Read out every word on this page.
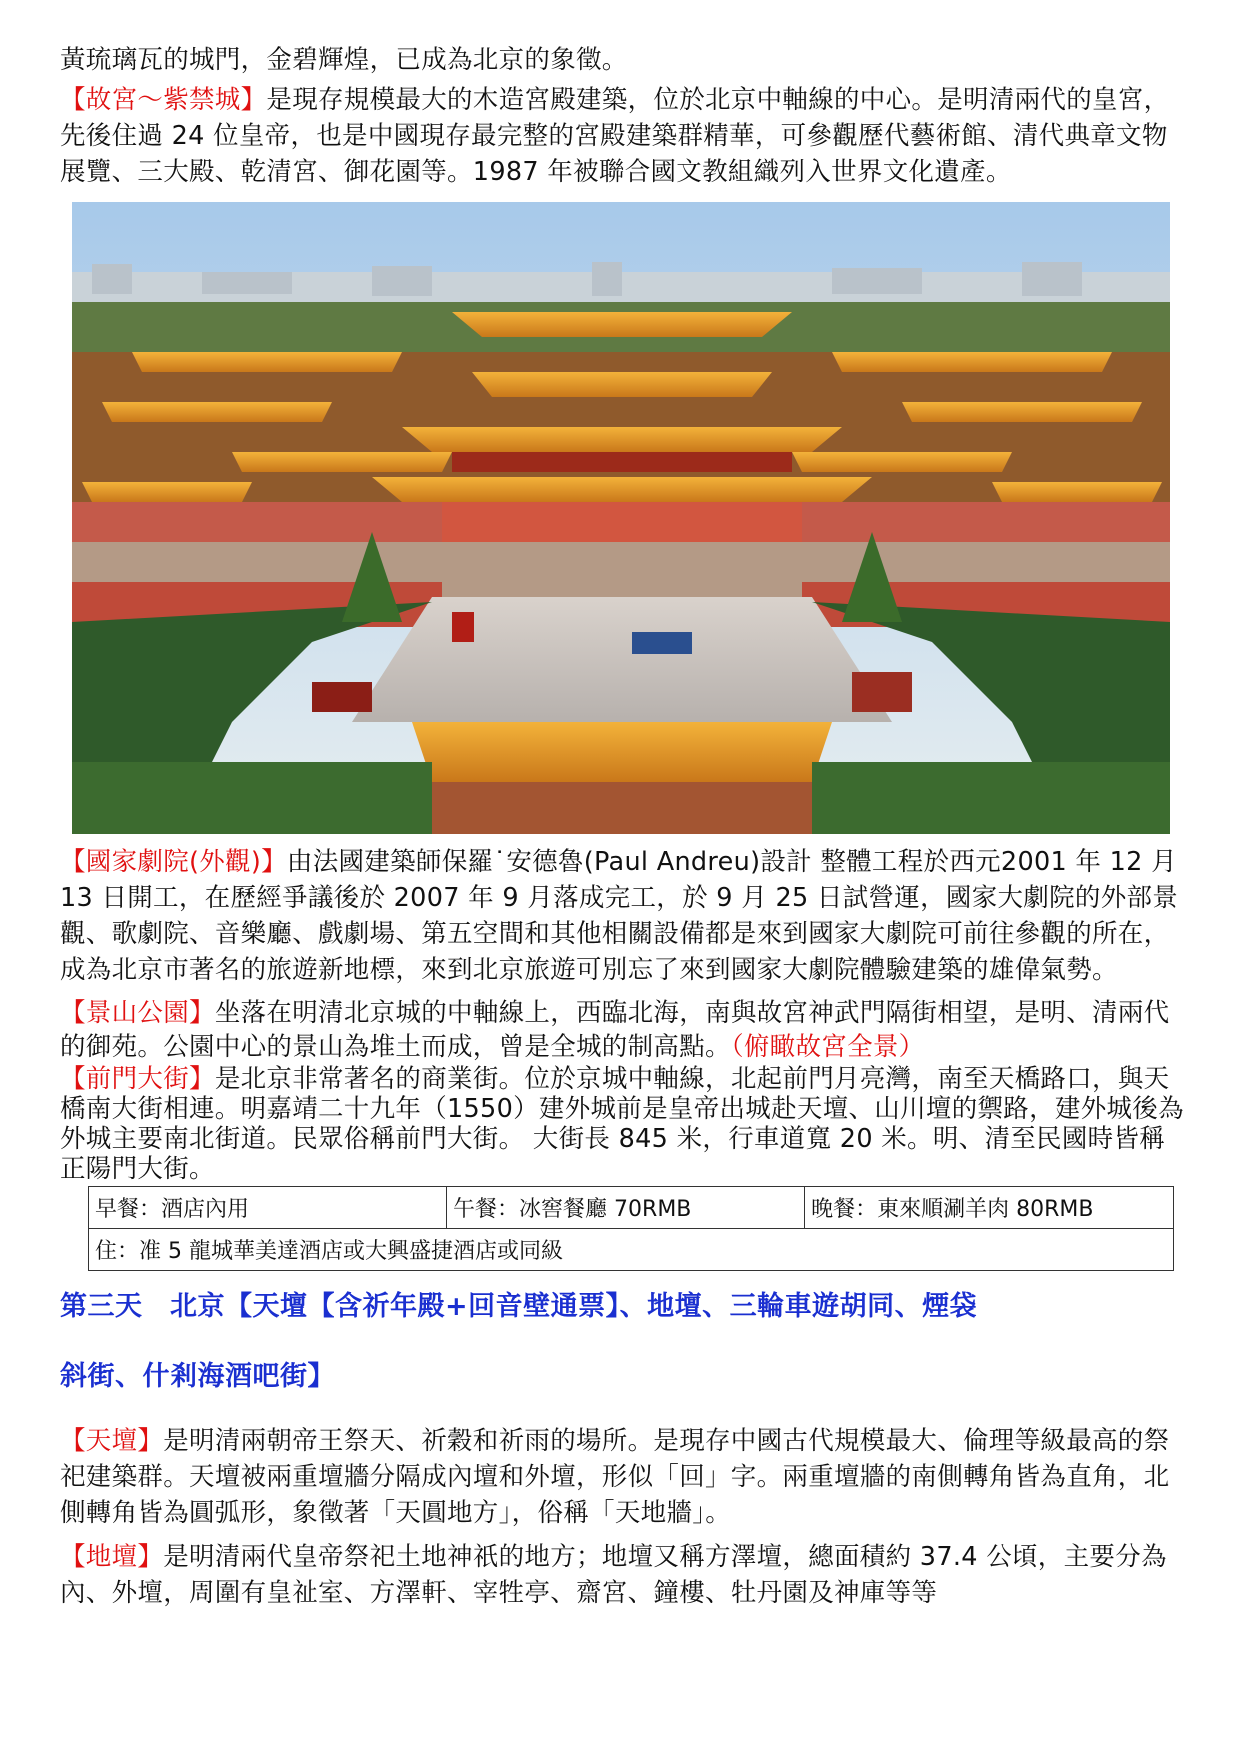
黃琉璃瓦的城門，金碧輝煌，已成為北京的象徵。

【故宮～紫禁城】是現存規模最大的木造宮殿建築，位於北京中軸線的中心。是明清兩代的皇宮，先後住過 24 位皇帝，也是中國現存最完整的宮殿建築群精華，可參觀歷代藝術館、清代典章文物展覽、三大殿、乾清宮、御花園等。1987 年被聯合國文教組織列入世界文化遺產。

【國家劇院(外觀)】由法國建築師保羅˙安德魯(Paul Andreu)設計 整體工程於西元2001 年 12 月 13 日開工，在歷經爭議後於 2007 年 9 月落成完工，於 9 月 25 日試營運，國家大劇院的外部景觀、歌劇院、音樂廳、戲劇場、第五空間和其他相關設備都是來到國家大劇院可前往參觀的所在，成為北京市著名的旅遊新地標，來到北京旅遊可別忘了來到國家大劇院體驗建築的雄偉氣勢。

【景山公園】坐落在明清北京城的中軸線上，西臨北海，南與故宮神武門隔街相望，是明、清兩代的御苑。公園中心的景山為堆土而成，曾是全城的制高點。（俯瞰故宮全景）

【前門大街】是北京非常著名的商業街。位於京城中軸線，北起前門月亮灣，南至天橋路口，與天橋南大街相連。明嘉靖二十九年（1550）建外城前是皇帝出城赴天壇、山川壇的禦路，建外城後為外城主要南北街道。民眾俗稱前門大街。 大街長 845 米，行車道寬 20 米。明、清至民國時皆稱正陽門大街。

早餐：酒店內用	午餐：冰窖餐廳 70RMB	晚餐：東來順涮羊肉 80RMB
住：准 5 龍城華美達酒店或大興盛捷酒店或同級

第三天　北京【天壇【含祈年殿+回音壁通票】、地壇、三輪車遊胡同、煙袋

斜街、什剎海酒吧街】

【天壇】是明清兩朝帝王祭天、祈穀和祈雨的場所。是現存中國古代規模最大、倫理等級最高的祭祀建築群。天壇被兩重壇牆分隔成內壇和外壇，形似「回」字。兩重壇牆的南側轉角皆為直角，北側轉角皆為圓弧形，象徵著「天圓地方」，俗稱「天地牆」。

【地壇】是明清兩代皇帝祭祀土地神祇的地方；地壇又稱方澤壇，總面積約 37.4 公頃，主要分為內、外壇，周圍有皇祉室、方澤軒、宰牲亭、齋宮、鐘樓、牡丹園及神庫等等
